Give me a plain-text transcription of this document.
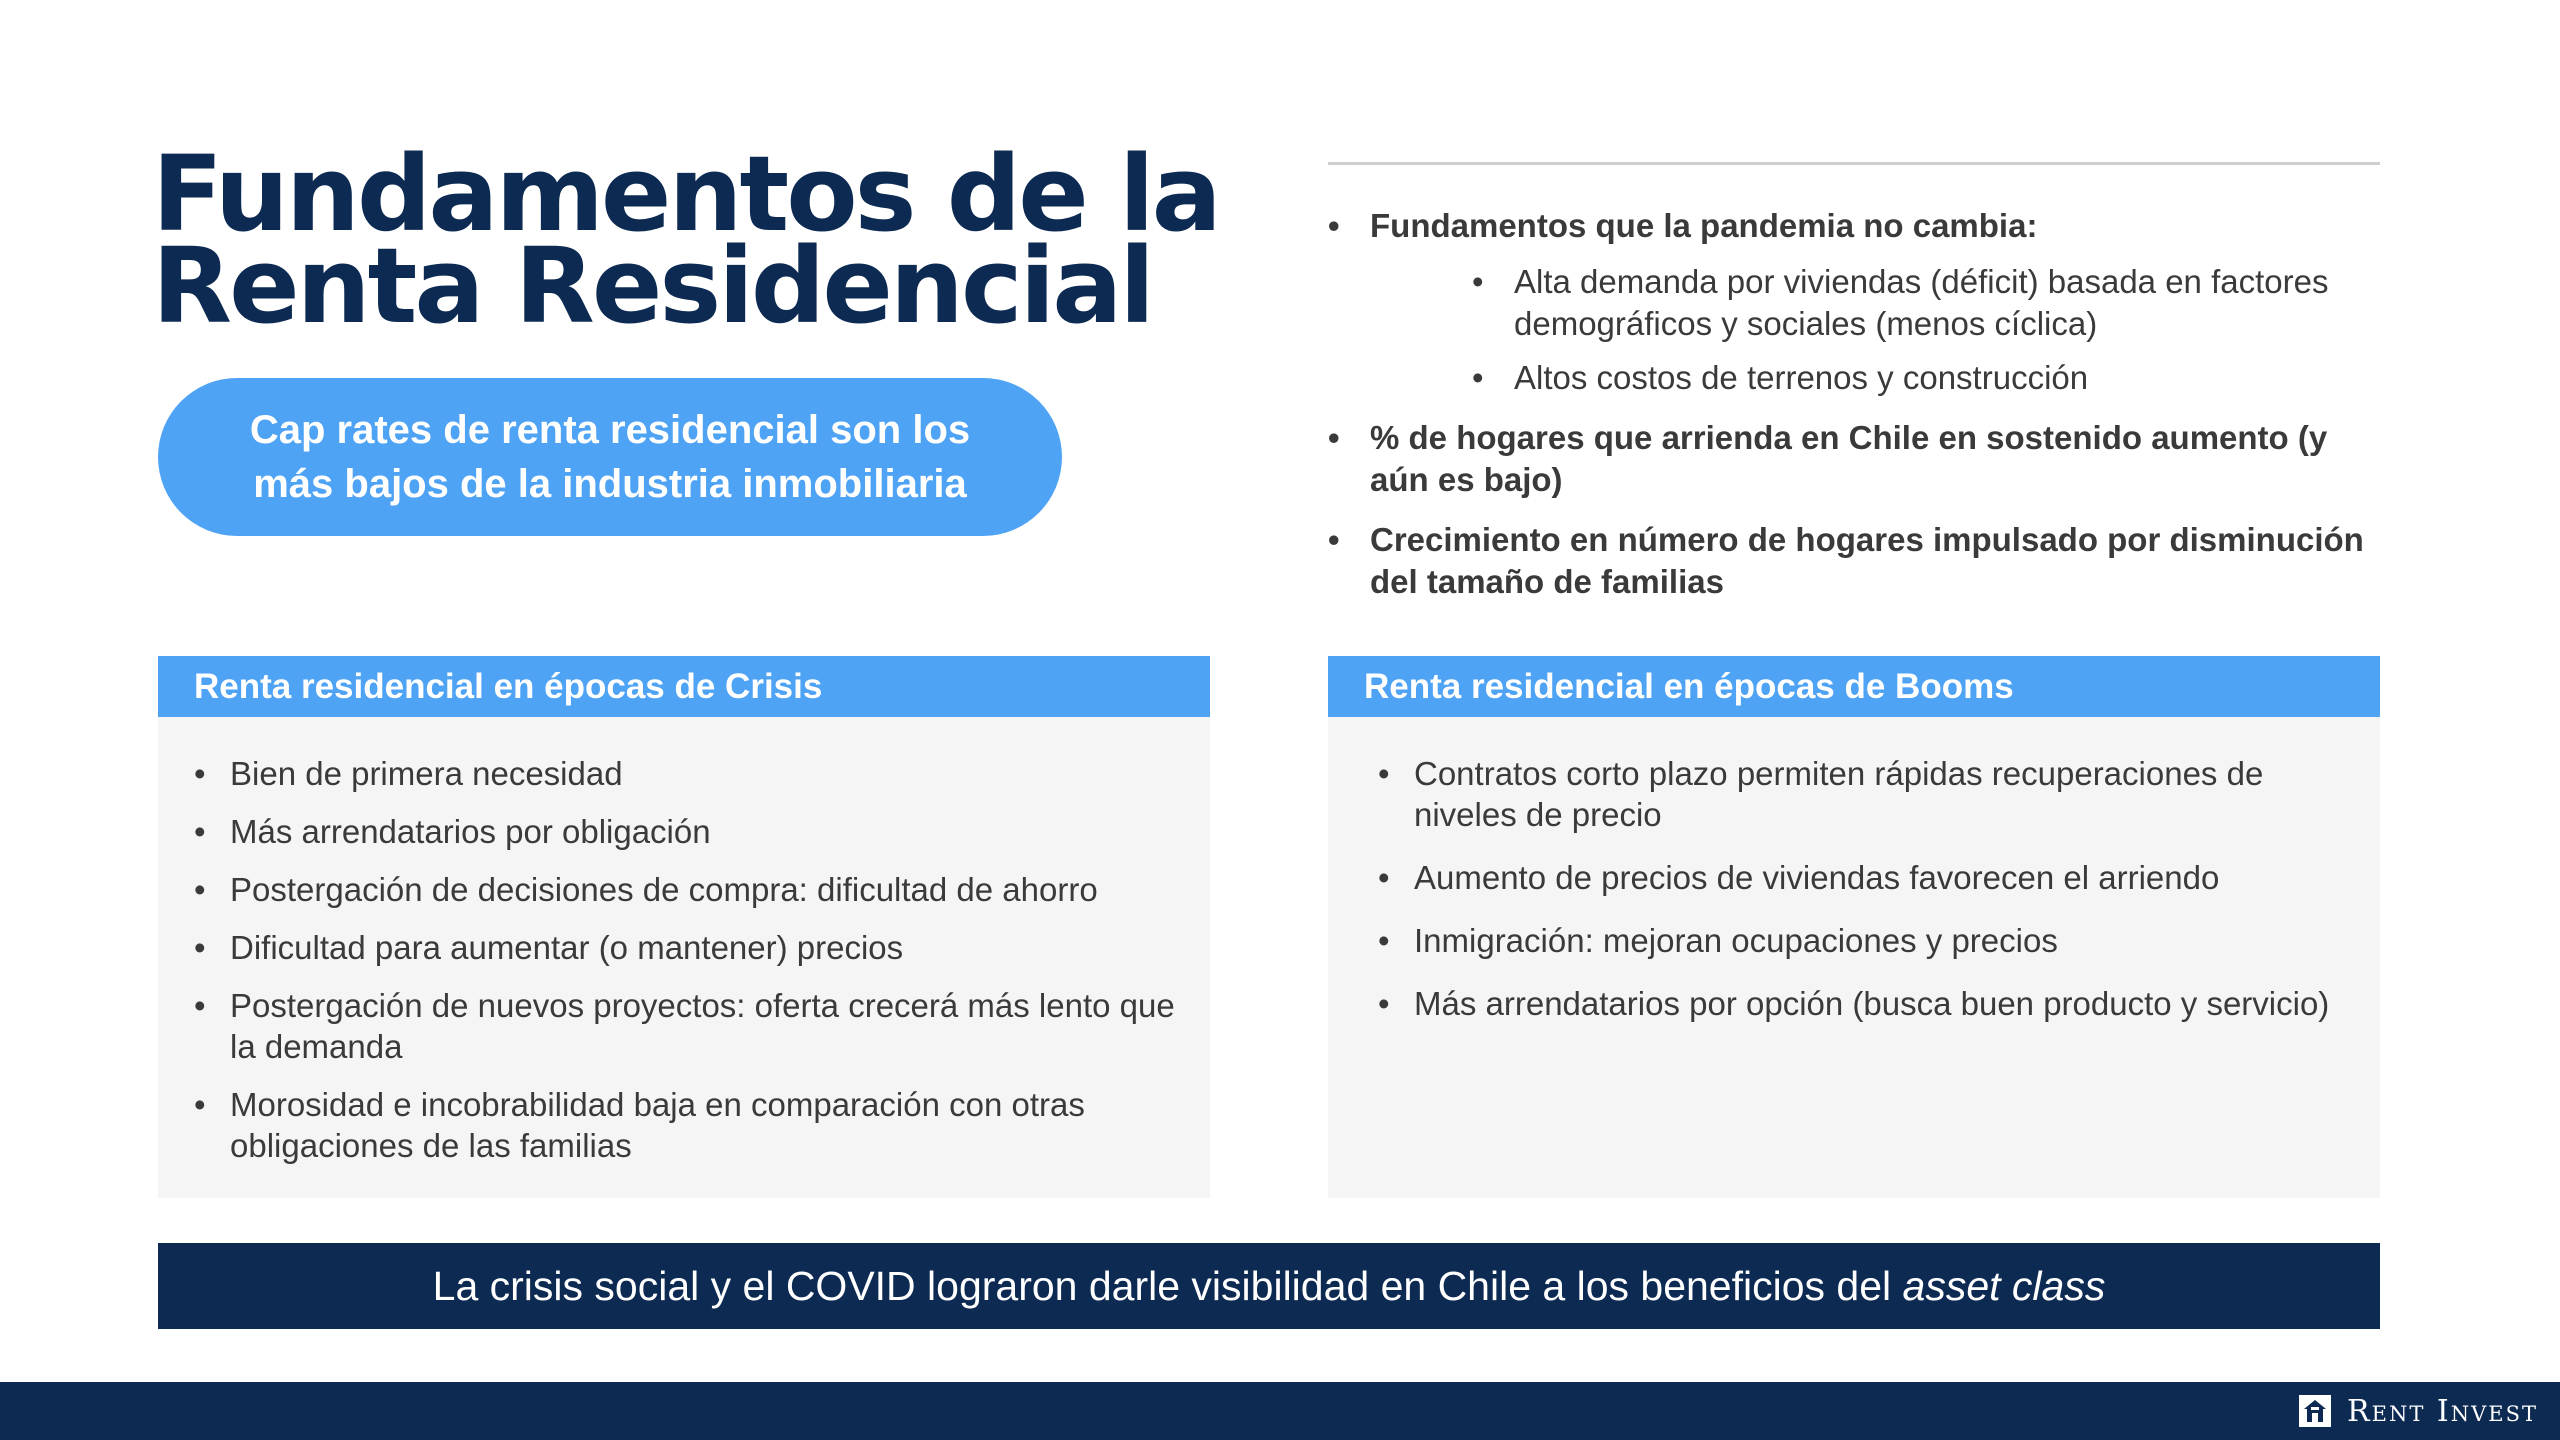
Fundamentos de la Renta Residencial
Cap rates de renta residencial son los más bajos de la industria inmobiliaria
• Fundamentos que la pandemia no cambia:
• Alta demanda por viviendas (déficit) basada en factores demográficos y sociales (menos cíclica)
• Altos costos de terrenos y construcción
• % de hogares que arrienda en Chile en sostenido aumento (y aún es bajo)
• Crecimiento en número de hogares impulsado por disminución del tamaño de familias
Renta residencial en épocas de Crisis
• Bien de primera necesidad
• Más arrendatarios por obligación
• Postergación de decisiones de compra: dificultad de ahorro
• Dificultad para aumentar (o mantener) precios
• Postergación de nuevos proyectos: oferta crecerá más lento que la demanda
• Morosidad e incobrabilidad baja en comparación con otras obligaciones de las familias
Renta residencial en épocas de Booms
• Contratos corto plazo permiten rápidas recuperaciones de niveles de precio
• Aumento de precios de viviendas favorecen el arriendo
• Inmigración: mejoran ocupaciones y precios
• Más arrendatarios por opción (busca buen producto y servicio)
La crisis social y el COVID lograron darle visibilidad en Chile a los beneficios del asset class
Rent Invest
